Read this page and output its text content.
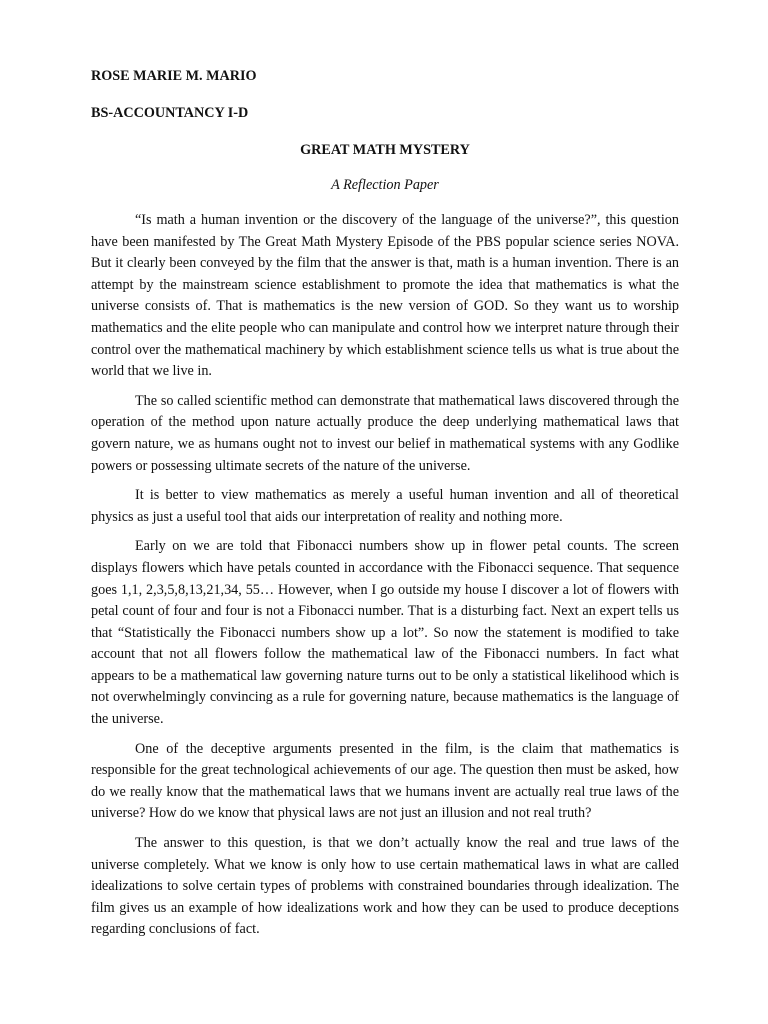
ROSE MARIE M. MARIO

BS-ACCOUNTANCY I-D

GREAT MATH MYSTERY

A Reflection Paper

“Is math a human invention or the discovery of the language of the universe?”, this question have been manifested by The Great Math Mystery Episode of the PBS popular science series NOVA. But it clearly been conveyed by the film that the answer is that, math is a human invention. There is an attempt by the mainstream science establishment to promote the idea that mathematics is what the universe consists of. That is mathematics is the new version of GOD. So they want us to worship mathematics and the elite people who can manipulate and control how we interpret nature through their control over the mathematical machinery by which establishment science tells us what is true about the world that we live in.

The so called scientific method can demonstrate that mathematical laws discovered through the operation of the method upon nature actually produce the deep underlying mathematical laws that govern nature, we as humans ought not to invest our belief in mathematical systems with any Godlike powers or possessing ultimate secrets of the nature of the universe.

It is better to view mathematics as merely a useful human invention and all of theoretical physics as just a useful tool that aids our interpretation of reality and nothing more.

Early on we are told that Fibonacci numbers show up in flower petal counts. The screen displays flowers which have petals counted in accordance with the Fibonacci sequence. That sequence goes 1,1, 2,3,5,8,13,21,34, 55… However, when I go outside my house I discover a lot of flowers with petal count of four and four is not a Fibonacci number. That is a disturbing fact. Next an expert tells us that “Statistically the Fibonacci numbers show up a lot”. So now the statement is modified to take account that not all flowers follow the mathematical law of the Fibonacci numbers. In fact what appears to be a mathematical law governing nature turns out to be only a statistical likelihood which is not overwhelmingly convincing as a rule for governing nature, because mathematics is the language of the universe.

One of the deceptive arguments presented in the film, is the claim that mathematics is responsible for the great technological achievements of our age. The question then must be asked, how do we really know that the mathematical laws that we humans invent are actually real true laws of the universe? How do we know that physical laws are not just an illusion and not real truth?

The answer to this question, is that we don’t actually know the real and true laws of the universe completely. What we know is only how to use certain mathematical laws in what are called idealizations to solve certain types of problems with constrained boundaries through idealization. The film gives us an example of how idealizations work and how they can be used to produce deceptions regarding conclusions of fact.
